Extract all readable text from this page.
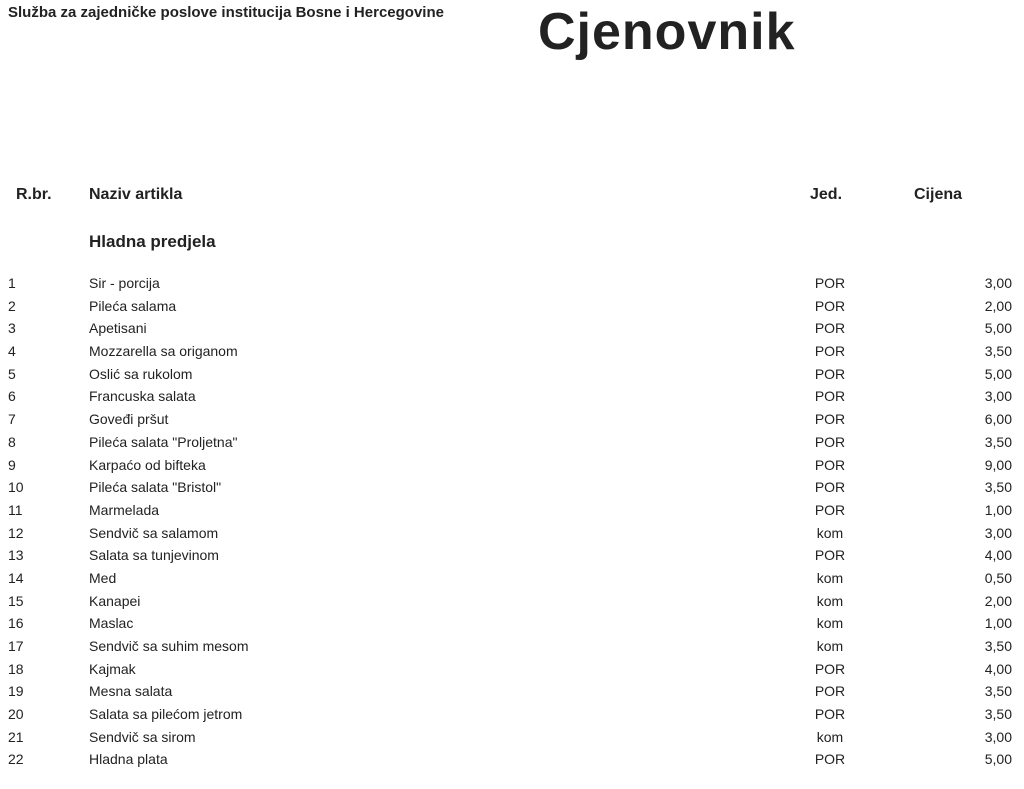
Služba za zajedničke poslove institucija Bosne i Hercegovine Cjenovnik
R.br. Naziv artikla	Jed.	Cijena
Hladna predjela
1	Sir - porcija	POR	3,00
2	Pileća salama	POR	2,00
3	Apetisani	POR	5,00
4	Mozzarella sa origanom	POR	3,50
5	Oslić sa rukolom	POR	5,00
6	Francuska salata	POR	3,00
7	Goveđi pršut	POR	6,00
8	Pileća salata "Proljetna"	POR	3,50
9	Karpaćo od bifteka	POR	9,00
10	Pileća salata "Bristol"	POR	3,50
11	Marmelada	POR	1,00
12	Sendvič sa salamom	kom	3,00
13	Salata sa tunjevinom	POR	4,00
14	Med	kom	0,50
15	Kanapei	kom	2,00
16	Maslac	kom	1,00
17	Sendvič sa suhim mesom	kom	3,50
18	Kajmak	POR	4,00
19	Mesna salata	POR	3,50
20	Salata sa pilećom jetrom	POR	3,50
21	Sendvič sa sirom	kom	3,00
22	Hladna plata	POR	5,00
